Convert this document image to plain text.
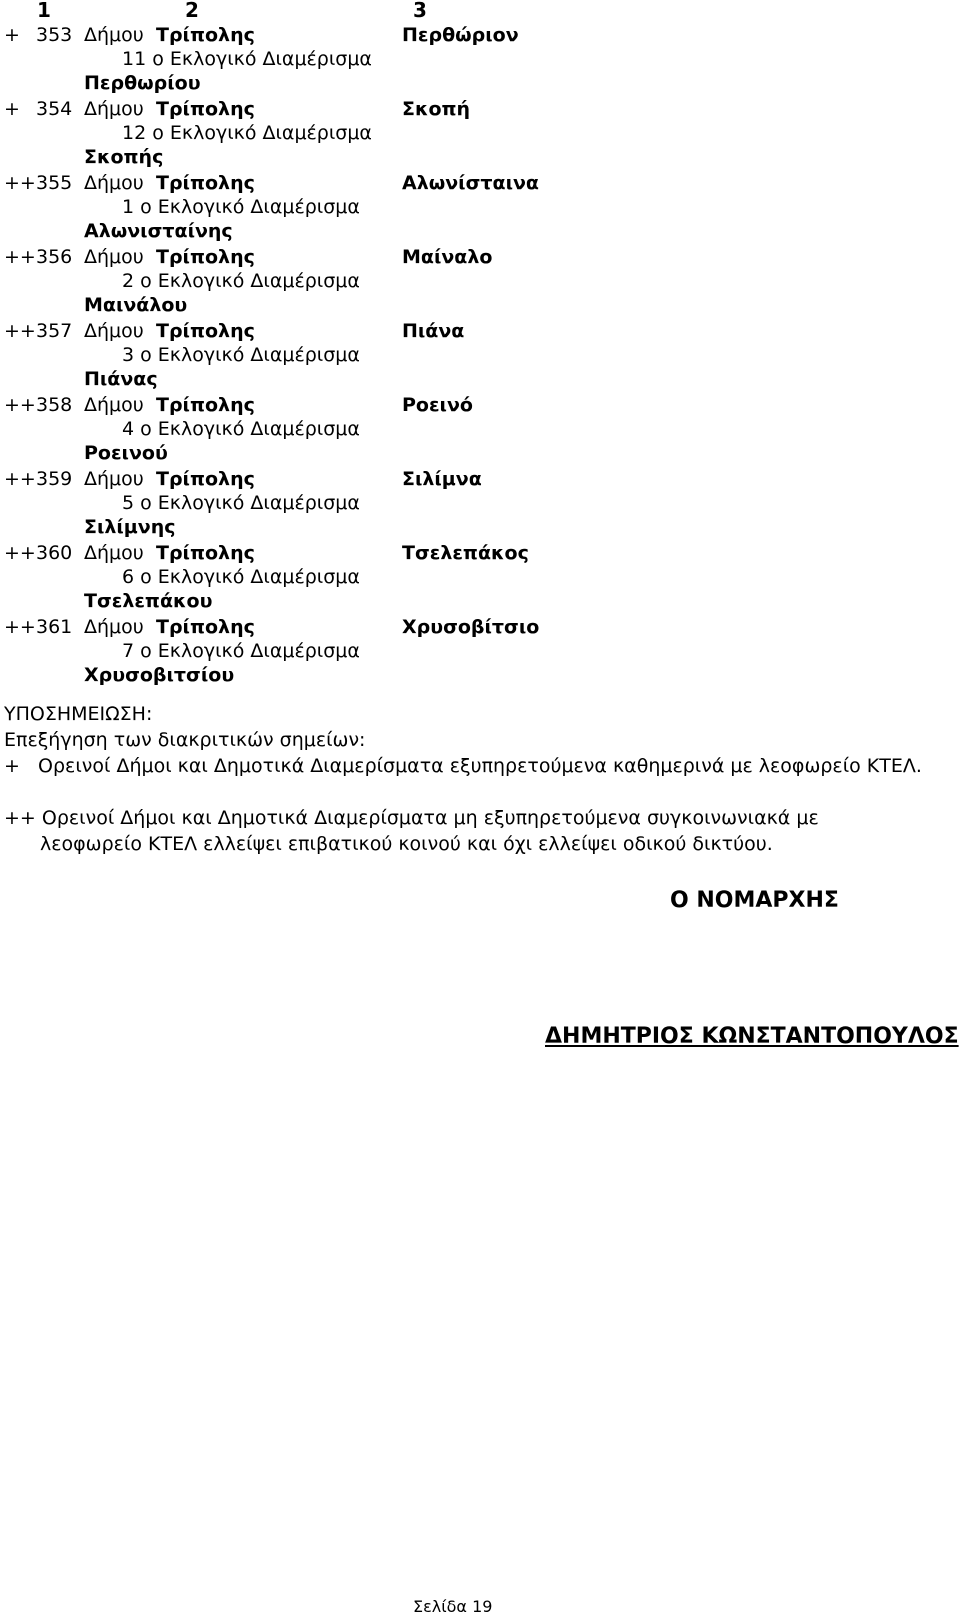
1	2	3
+ 353 Δήμου Τρίπολης	Περθώριον
11 ο Εκλογικό Διαμέρισμα
Περθωρίου
+ 354 Δήμου Τρίπολης	Σκοπή
12 ο Εκλογικό Διαμέρισμα
Σκοπής
++ 355 Δήμου Τρίπολης	Αλωνίσταινα
1 ο Εκλογικό Διαμέρισμα
Αλωνισταίνης
++ 356 Δήμου Τρίπολης	Μαίναλο
2 ο Εκλογικό Διαμέρισμα
Μαινάλου
++ 357 Δήμου Τρίπολης	Πιάνα
3 ο Εκλογικό Διαμέρισμα
Πιάνας
++ 358 Δήμου Τρίπολης	Ροεινό
4 ο Εκλογικό Διαμέρισμα
Ροεινού
++ 359 Δήμου Τρίπολης	Σιλίμνα
5 ο Εκλογικό Διαμέρισμα
Σιλίμνης
++ 360 Δήμου Τρίπολης	Τσελεπάκος
6 ο Εκλογικό Διαμέρισμα
Τσελεπάκου
++ 361 Δήμου Τρίπολης	Χρυσοβίτσιο
7 ο Εκλογικό Διαμέρισμα
Χρυσοβιτσίου
ΥΠΟΣΗΜΕΙΩΣΗ:
Επεξήγηση των διακριτικών σημείων:
+   Ορεινοί Δήμοι και Δημοτικά Διαμερίσματα εξυπηρετούμενα καθημερινά με λεοφωρείο ΚΤΕΛ.
++ Ορεινοί Δήμοι και Δημοτικά Διαμερίσματα μη εξυπηρετούμενα συγκοινωνιακά με
λεοφωρείο ΚΤΕΛ ελλείψει επιβατικού κοινού και όχι ελλείψει οδικού δικτύου.
Ο ΝΟΜΑΡΧΗΣ
ΔΗΜΗΤΡΙΟΣ ΚΩΝΣΤΑΝΤΟΠΟΥΛΟΣ
Σελίδα 19
